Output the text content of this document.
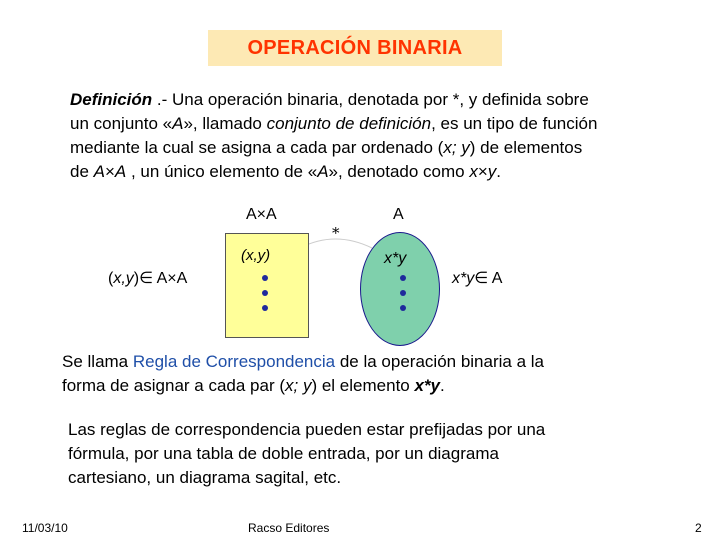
OPERACIÓN BINARIA

Definición .- Una operación binaria, denotada por *, y definida sobre
un conjunto «A», llamado conjunto de definición, es un tipo de función
mediante la cual se asigna a cada par ordenado (x; y) de elementos
de A×A , un único elemento de «A», denotado como x×y.

A×A	A
*
(x,y)	x*y
(x,y)∈ A×A	x*y∈ A

Se llama Regla de Correspondencia de la operación binaria a la
forma de asignar a cada par (x; y) el elemento x*y.

Las reglas de correspondencia pueden estar prefijadas por una
fórmula, por una tabla de doble entrada, por un diagrama
cartesiano, un diagrama sagital, etc.

11/03/10	Racso Editores	2
